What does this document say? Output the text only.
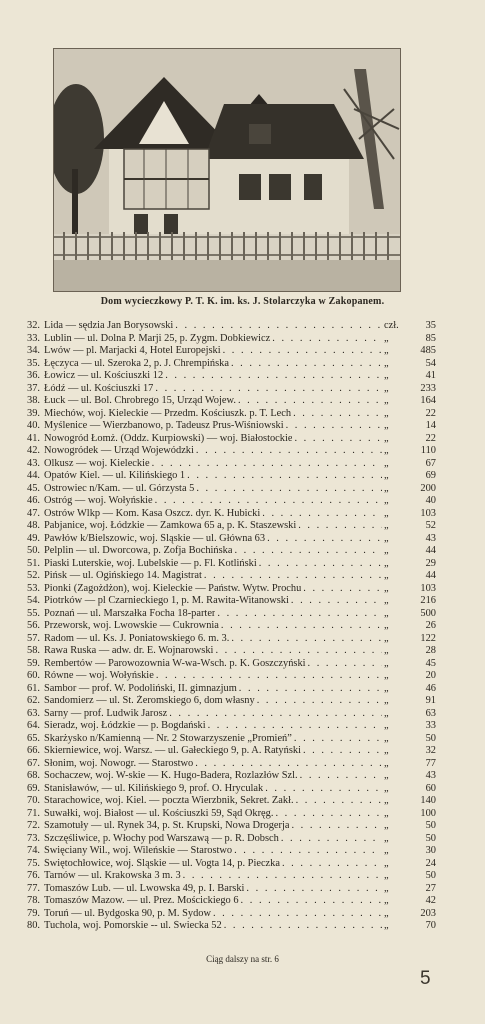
Dom wycieczkowy P. T. K. im. ks. J. Stolarczyka w Zakopanem.
32. Lida — sędzia Jan Borysowski . . .	czł.	35
33. Lublin — ul. Dolna P. Marji 25, p. Zygm. Dobkiewicz . . .	„	85
34. Lwów — pl. Marjacki 4, Hotel Europejski . . .	„	485
35. Łęczyca — ul. Szeroka 2, p. J. Chrempińska . . .	„	54
36. Łowicz — ul. Kościuszki 12 . . .	„	41
37. Łódź — ul. Kościuszki 17 . . .	„	233
38. Łuck — ul. Bol. Chrobrego 15, Urząd Wojew. . . .	„	164
39. Miechów, woj. Kieleckie — Przedm. Kościuszk. p. T. Lech . . .	„	22
40. Myślenice — Wierzbanowo, p. Tadeusz Prus-Wiśniowski . . .	„	14
41. Nowogród Łomż. (Oddz. Kurpiowski) — woj. Białostockie . . .	„	22
42. Nowogródek — Urząd Wojewódzki . . .	„	110
43. Olkusz — woj. Kieleckie . . .	„	67
44. Opatów Kiel. — ul. Kilińskiego 1 . . .	„	69
45. Ostrowiec n/Kam. — ul. Górzysta 5 . . .	„	200
46. Ostróg — woj. Wołyńskie . . .	„	40
47. Ostrów Wlkp — Kom. Kasa Oszcz. dyr. K. Hubicki . . .	„	103
48. Pabjanice, woj. Łódzkie — Zamkowa 65 a, p. K. Staszewski . . .	„	52
49. Pawłów k/Bielszowic, woj. Śląskie — ul. Główna 63 . . .	„	43
50. Pelplin — ul. Dworcowa, p. Zofja Bochińska . . .	„	44
51. Piaski Luterskie, woj. Lubelskie — p. Fl. Kotliński . . .	„	29
52. Pińsk — ul. Ogińskiego 14. Magistrat . . .	„	44
53. Pionki (Zagożdżon), woj. Kieleckie — Państw. Wytw. Prochu . . .	„	103
54. Piotrków — pl Czarnieckiego 1, p. M. Rawita-Witanowski . . .	„	216
55. Poznań — ul. Marszałka Focha 18-parter . . .	„	500
56. Przeworsk, woj. Lwowskie — Cukrownia . . .	„	26
57. Radom — ul. Ks. J. Poniatowskiego 6. m. 3. . . .	„	122
58. Rawa Ruska — adw. dr. E. Wojnarowski . . .	„	28
59. Rembertów — Parowozownia W-wa-Wsch. p. K. Goszczyński . . .	„	45
60. Równe — woj. Wołyńskie . . .	„	20
61. Sambor — prof. W. Podoliński, II. gimnazjum . . .	„	46
62. Sandomierz — ul. St. Żeromskiego 6, dom własny . . .	„	91
63. Sarny — prof. Ludwik Jarosz . . .	„	63
64. Sieradz, woj. Łódzkie — p. Bogdański . . .	„	33
65. Skarżysko n/Kamienną — Nr. 2 Stowarzyszenie „Promień” . . .	„	50
66. Skierniewice, woj. Warsz. — ul. Gałeckiego 9, p. A. Ratyński . . .	„	32
67. Słonim, woj. Nowogr. — Starostwo . . .	„	77
68. Sochaczew, woj. W-skie — K. Hugo-Badera, Rozlazłów Szl. . . .	„	43
69. Stanisławów, — ul. Kilińskiego 9, prof. O. Hryculak . . .	„	60
70. Starachowice, woj. Kiel. — poczta Wierzbnik, Sekret. Zakł. . . .	„	140
71. Suwałki, woj. Białost — ul. Kościuszki 59, Sąd Okręg. . . .	„	100
72. Szamotuły — ul. Rynek 34, p. St. Krupski, Nowa Drogerja . . .	„	50
73. Szczęśliwice, p. Włochy pod Warszawą — p. R. Dobsch . . .	„	50
74. Święciany Wil., woj. Wileńskie — Starostwo . . .	„	30
75. Świętochłowice, woj. Śląskie — ul. Vogta 14, p. Pieczka . . .	„	24
76. Tarnów — ul. Krakowska 3 m. 3 . . .	„	50
77. Tomaszów Lub. — ul. Lwowska 49, p. I. Barski . . .	„	27
78. Tomaszów Mazow. — ul. Prez. Mościckiego 6 . . .	„	42
79. Toruń — ul. Bydgoska 90, p. M. Sydow . . .	„	203
80. Tuchola, woj. Pomorskie -- ul. Świecka 52 . . .	„	70
Ciąg dalszy na str. 6
5
